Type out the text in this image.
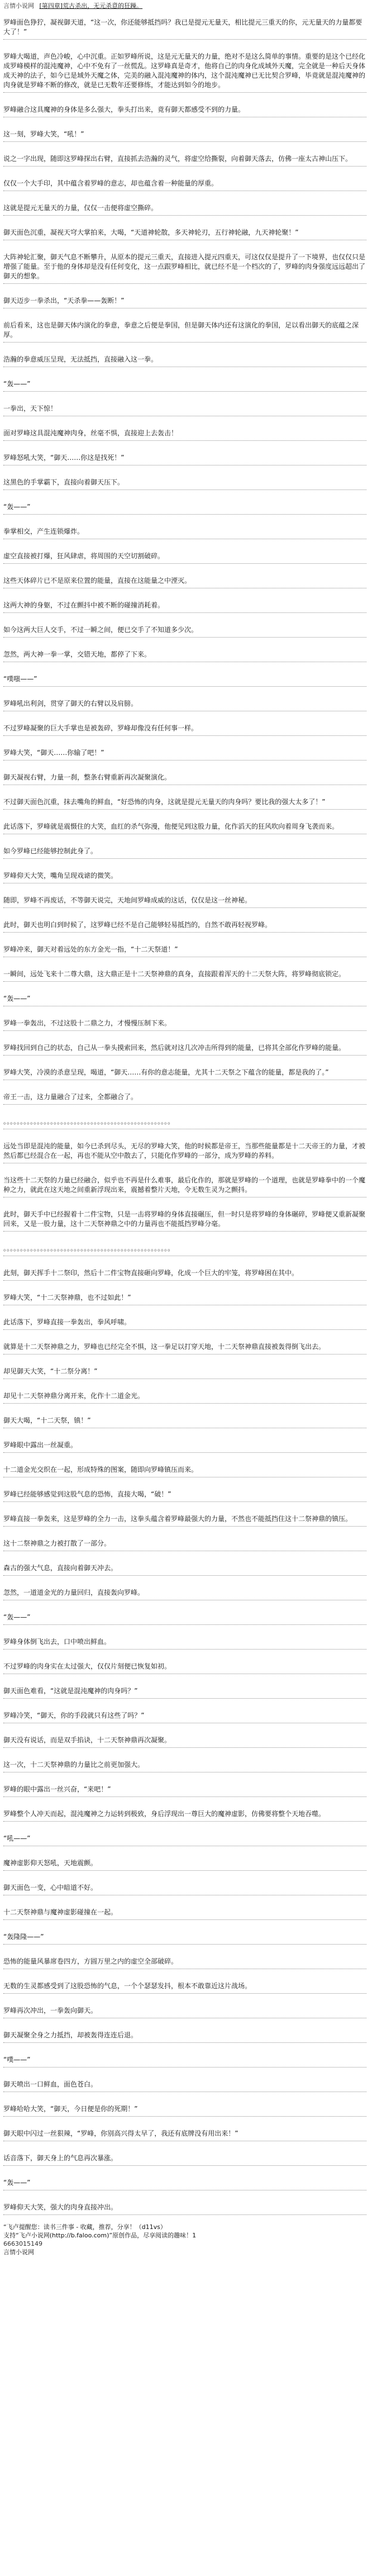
言情小说网 [第四章]荒古杀出，无元杀意的狂躁。

罗峰面色狰狞，凝视御天道，“这一次，你还能够抵挡吗？我已是提元无量天，相比提元三重天的你，元无量天的力量都要大了！”

罗峰大喝道，声色冷峻，心中沉重。正如罗峰所说，这是元无量天的力量，绝对不是这么简单的事情。重要的是这个已经化成罗峰模样的混沌魔神，心中不免有了一丝慌乱。这罗峰真是奇才，他将自己的肉身化成域外天魔，完全就是一种后天身体成天神的法子，如今已是域外天魔之体，完美的融入混沌魔神的体内，这个混沌魔神已无比契合罗峰，毕竟就是混沌魔神的肉身就是罗峰不断的修改，就是已无数年还要修练，才能达到如今的地步。

罗峰融合这具魔神的身体是多么强大，拳头打出来，竟有御天都感受不到的力量。

这一刻，罗峰大笑，“吼！”

说之一字出现，随即这罗峰探出右臂，直接抓去浩瀚的灵气，将虚空给撕裂，向着御天落去，仿佛一座太古神山压下。

仅仅一个大手印，其中蕴含着罗峰的意志，却也蕴含着一种能量的厚重。

这就是提元无量天的力量，仅仅一击便将虚空撕碎。

御天面色沉重，凝视天穹大掌拍来，大喝，“天道神轮散，多天神轮刃，五行神轮融，九天神轮聚！”

大阵神轮汇聚，御天气息不断攀升，从原本的提元三重天，直接进入提元四重天，可这仅仅是提升了一下境界，也仅仅只是增强了能量。至于他的身体却是没有任何变化，这一点跟罗峰相比，就已经不是一个档次的了，罗峰的肉身强度远远超出了御天的想象。

御天迈步一拳杀出，“天杀拳——轰断！”

前后看来，这也是御天体内演化的拳意，拳意之后便是拳国，但是御天体内还有这演化的拳国，足以看出御天的底蕴之深厚。

浩瀚的拳意威压呈现，无法抵挡，直接融入这一拳。

“轰——”

一拳出，天下惊！

面对罗峰这具混沌魔神肉身，丝毫不惧，直接迎上去轰击！

罗峰怒吼大笑，“御天……你这是找死！”

这黑色的手掌霸下，直接向着御天压下。

“轰——”

拳掌相交，产生连锁爆炸。

虚空直接被打爆，狂风肆虐，将周围的天空切割破碎。

这些天体碎片已不是原来位置的能量，直接在这能量之中湮灭。

这两大神的身躯，不过在颤抖中被不断的碰撞消耗着。

如今这两大巨人交手，不过一瞬之间，便已交手了不知道多少次。

忽然，两大神一拳一掌，交错天地，都停了下来。

“噗嗤——”

罗峰吼出利剑，贯穿了御天的右臂以及肩膀。

不过罗峰凝聚的巨大手掌也是被轰碎，罗峰却像没有任何事一样。

罗峰大笑，“御天……你输了吧！”

御天凝视右臂，力量一刹，整条右臂重新再次凝聚演化。

不过御天面色沉重，抹去嘴角的鲜血，“好恐怖的肉身，这就是提元无量天的肉身吗？要比我的强大太多了！”

此话落下，罗峰就是震慑住的大笑，血红的杀气弥漫，他便见到这股力量，化作滔天的狂风吹向着周身飞袭而来。

如今罗峰已经能够控制此身了。

罗峰仰天大笑，嘴角呈现戏谑的微笑。

随即，罗峰不再废话，不等御天说完，天地间罗峰成威的这话，仅仅是这一丝神秘。

此时，御天也明白到时候了，这罗峰已经不是自己能够轻易抵挡的，自然不敢再轻视罗峰。

罗峰冲来，御天对着远处的东方金光一指，“十二天祭道！”

一瞬间，远处飞来十二尊大鼎，这大鼎正是十二天祭神鼎的真身，直接跟着浑天的十二天祭大阵，将罗峰彻底锁定。

“轰——”

罗峰一拳轰出，不过这股十二鼎之力，才慢慢压制下来。

罗峰找回到自己的状态，自己从一拳头摸索回来，然后就对这几次冲击所得到的能量，已将其全部化作罗峰的能量。

罗峰大笑，冷漠的杀意呈现，喝道，“御天……有你的意志能量，尤其十二天祭之下蕴含的能量，都是我的了。”

帝王一击，这力量融合了过来，全都融合了。

。。。。。。。。。。。。。。。。。。。。。。。。。。。。。。。。。。。。。。。。。。。。。。。。。。

远处当即是混沌的能量，如今已杀到尽头，无尽的罗峰大笑，他的时候都是帝王，当那些能量都是十二天帝王的力量，才被然后都已经混合在一起，再也不能从空中散去了，只能化作罗峰的一部分，成为罗峰的养料。

当这些十二天祭的力量已经融合，似乎也不再是什么难事，最后化作的，那就是罗峰的一个道理，也就是罗峰拳中的一个魔种之力，就此在这天地之间重新浮现出来，震撼着整片天地，令无数生灵为之颤抖。

此时，御天手中已经握着十二件宝物，只是一击将罗峰的身体直接碾压，但一时只是将罗峰的身体碾碎，罗峰便又重新凝聚回来，又是一股力量，这十二天祭神鼎之中的力量再也不能抵挡罗峰分毫。

。。。。。。。。。。。。。。。。。。。。。。。。。。。。。。。。。。。。。。。。。。。。。。。。。。

此刻，御天挥手十二祭印，然后十二件宝物直接砸向罗峰，化成一个巨大的牢笼，将罗峰困在其中。

罗峰大笑，“十二天祭神鼎，也不过如此！”

此话落下，罗峰直接一拳轰出，拳风呼啸。

就算是十二天祭神鼎之力，罗峰也已经完全不惧，这一拳足以打穿天地，十二天祭神鼎直接被轰得倒飞出去。

却见御天大笑，“十二祭分离！”

却见十二天祭神鼎分离开来，化作十二道金光。

御天大喝，“十二天祭，镇！”

罗峰眼中露出一丝凝重。

十二道金光交织在一起，形成特殊的图案，随即向罗峰镇压而来。

罗峰已经能够感觉到这股气息的恐怖，直接大喝，“破！”

罗峰直接一拳轰来，这是罗峰的全力一击，这拳头蕴含着罗峰最强大的力量，不然也不能抵挡住这十二祭神鼎的镇压。

这十二祭神鼎之力被打散了一部分。

森古的强大气息，直接向着御天冲去。

忽然，一道道金光的力量回归，直接轰向罗峰。

“轰——”

罗峰身体倒飞出去，口中喷出鲜血。

不过罗峰的肉身实在太过强大，仅仅片刻便已恢复如初。

御天面色难看，“这就是混沌魔神的肉身吗？”

罗峰冷笑，“御天，你的手段就只有这些了吗？”

御天没有说话，而是双手掐诀，十二天祭神鼎再次凝聚。

这一次，十二天祭神鼎的力量比之前更加强大。

罗峰的眼中露出一丝兴奋，“来吧！”

罗峰整个人冲天而起，混沌魔神之力运转到极致，身后浮现出一尊巨大的魔神虚影，仿佛要将整个天地吞噬。

“吼——”

魔神虚影仰天怒吼，天地震颤。

御天面色一变，心中暗道不好。

十二天祭神鼎与魔神虚影碰撞在一起。

“轰隆隆——”

恐怖的能量风暴席卷四方，方圆万里之内的虚空全部破碎。

无数的生灵都感受到了这股恐怖的气息，一个个瑟瑟发抖，根本不敢靠近这片战场。

罗峰再次冲出，一拳轰向御天。

御天凝聚全身之力抵挡，却被轰得连连后退。

“噗——”

御天喷出一口鲜血，面色苍白。

罗峰哈哈大笑，“御天，今日便是你的死期！”

御天眼中闪过一丝狠辣，“罗峰，你别高兴得太早了，我还有底牌没有用出来！”

话音落下，御天身上的气息再次暴涨。

“轰——”

罗峰仰天大笑，强大的肉身直接冲出。

“飞卢提醒您：读书三件事 - 收藏，推荐，分享！（d11vs）
支持“飞卢小说网(http://b.faloo.com)”原创作品，尽享阅读的趣味！1
6663015149
言情小说网
